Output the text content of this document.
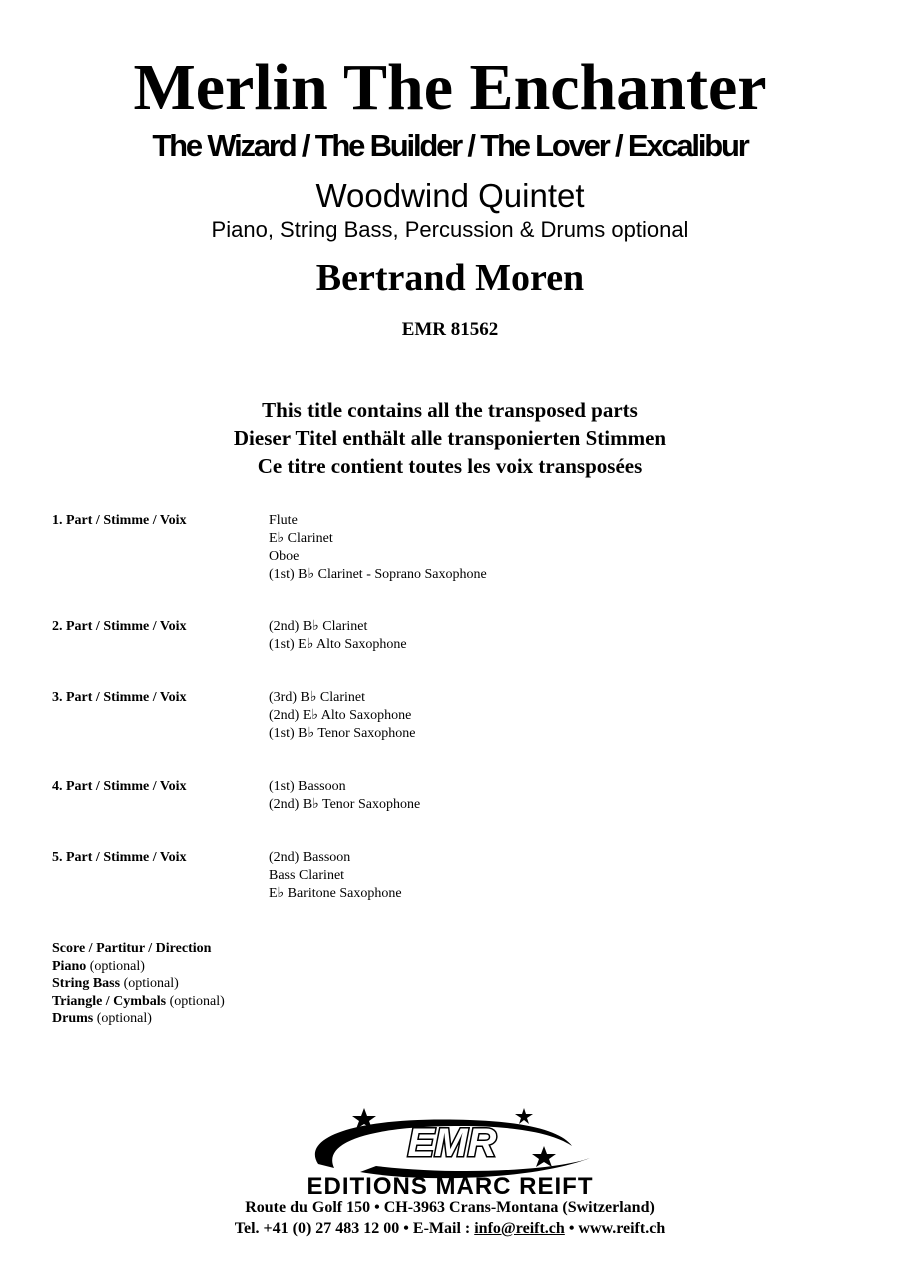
Merlin The Enchanter
The Wizard / The Builder / The Lover / Excalibur
Woodwind Quintet
Piano, String Bass, Percussion & Drums optional
Bertrand Moren
EMR 81562
This title contains all the transposed parts
Dieser Titel enthält alle transponierten Stimmen
Ce titre contient toutes les voix transposées
1. Part / Stimme / Voix	Flute
E♭ Clarinet
Oboe
(1st) B♭ Clarinet - Soprano Saxophone
2. Part / Stimme / Voix	(2nd) B♭ Clarinet
(1st) E♭ Alto Saxophone
3. Part / Stimme / Voix	(3rd) B♭ Clarinet
(2nd) E♭ Alto Saxophone
(1st) B♭ Tenor Saxophone
4. Part / Stimme / Voix	(1st) Bassoon
(2nd) B♭ Tenor Saxophone
5. Part / Stimme / Voix	(2nd) Bassoon
Bass Clarinet
E♭ Baritone Saxophone
Score / Partitur / Direction
Piano (optional)
String Bass (optional)
Triangle / Cymbals (optional)
Drums (optional)
EMR
EDITIONS MARC REIFT
Route du Golf 150 • CH-3963 Crans-Montana (Switzerland)
Tel. +41 (0) 27 483 12 00 • E-Mail : info@reift.ch • www.reift.ch
